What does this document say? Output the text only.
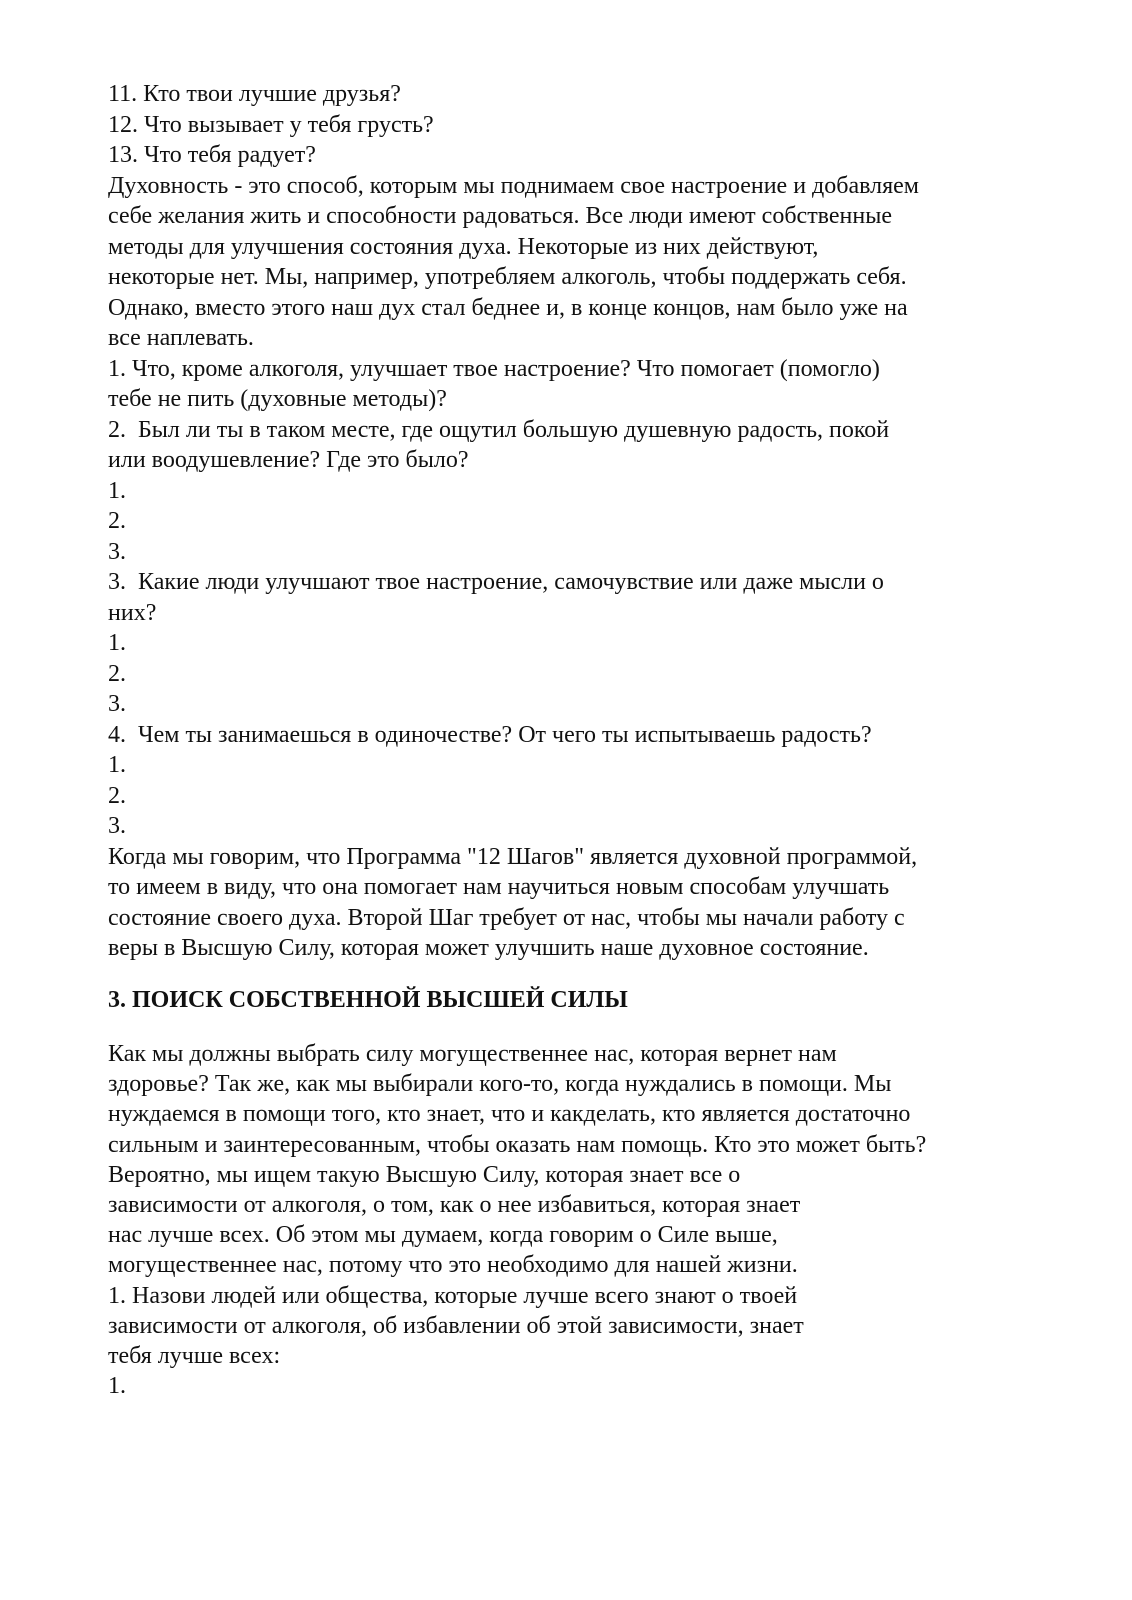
11. Кто твои лучшие друзья?
12. Что вызывает у тебя грусть?
13. Что тебя радует?
Духовность - это способ, которым мы поднимаем свое настроение и добавляем
себе желания жить и способности радоваться. Все люди имеют собственные
методы для улучшения состояния духа. Некоторые из них действуют,
некоторые нет. Мы, например, употребляем алкоголь, чтобы поддержать себя.
Однако, вместо этого наш дух стал беднее и, в конце концов, нам было уже на
все наплевать.
1. Что, кроме алкоголя, улучшает твое настроение? Что помогает (помогло)
тебе не пить (духовные методы)?
2.  Был ли ты в таком месте, где ощутил большую душевную радость, покой
или воодушевление? Где это было?
1.
2.
3.
3.  Какие люди улучшают твое настроение, самочувствие или даже мысли о
них?
1.
2.
3.
4.  Чем ты занимаешься в одиночестве? От чего ты испытываешь радость?
1.
2.
3.
Когда мы говорим, что Программа "12 Шагов" является духовной программой,
то имеем в виду, что она помогает нам научиться новым способам улучшать
состояние своего духа. Второй Шаг требует от нас, чтобы мы начали работу с
веры в Высшую Силу, которая может улучшить наше духовное состояние.
3. ПОИСК СОБСТВЕННОЙ ВЫСШЕЙ СИЛЫ
Как мы должны выбрать силу могущественнее нас, которая вернет нам
здоровье? Так же, как мы выбирали кого-то, когда нуждались в помощи. Мы
нуждаемся в помощи того, кто знает, что и какделать, кто является достаточно
сильным и заинтересованным, чтобы оказать нам помощь. Кто это может быть?
Вероятно, мы ищем такую Высшую Силу, которая знает все о
зависимости от алкоголя, о том, как о нее избавиться, которая знает
нас лучше всех. Об этом мы думаем, когда говорим о Силе выше,
могущественнее нас, потому что это необходимо для нашей жизни.
1. Назови людей или общества, которые лучше всего знают о твоей
зависимости от алкоголя, об избавлении об этой зависимости, знает
тебя лучше всех:
1.
